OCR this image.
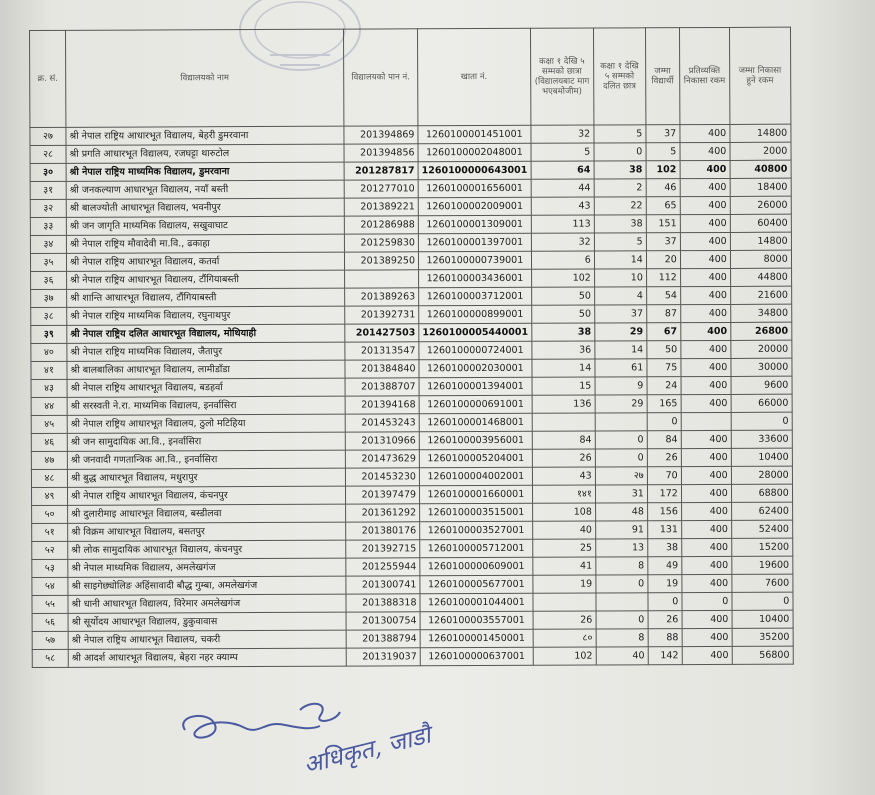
क्र. सं.	विद्यालयको नाम	विद्यालयको पान नं.	खाता नं.	कक्षा १ देखि ५ सम्मको छात्रा (विद्यालयबाट माग भएबमोजीम)	कक्षा १ देखि ५ सम्मको दलित छात्र	जम्मा विद्यार्थी	प्रतिव्यक्ति निकासा रकम	जम्मा निकासा हुने रकम
२७	श्री नेपाल राष्ट्रिय आधारभूत विद्यालय, बेहरी डुमरवाना	201394869	1260100001451001	32	5	37	400	14800
२८	श्री प्रगति आधारभूत विद्यालय, रजघट्टा थारुटोल	201394856	1260100002048001	5	0	5	400	2000
३०	श्री नेपाल राष्ट्रिय माध्यमिक विद्यालय, डुमरवाना	201287817	1260100000643001	64	38	102	400	40800
३१	श्री जनकल्याण आधारभूत विद्यालय, नयाँ बस्ती	201277010	1260100001656001	44	2	46	400	18400
३२	श्री बालज्योती आधारभूत विद्यालय, भवनीपुर	201389221	1260100002009001	43	22	65	400	26000
३३	श्री जन जागृति माध्यमिक विद्यालय, सखुवाघाट	201286988	1260100001309001	113	38	151	400	60400
३४	श्री नेपाल राष्ट्रिय मौवादेवी मा.वि., ढकाहा	201259830	1260100001397001	32	5	37	400	14800
३५	श्री नेपाल राष्ट्रिय आधारभूत विद्यालय, कतर्वा	201389250	1260100000739001	6	14	20	400	8000
३६	श्री नेपाल राष्ट्रिय आधारभूत विद्यालय, टौंगियाबस्ती		1260100003436001	102	10	112	400	44800
३७	श्री शान्ति आधारभूत विद्यालय, टौंगियाबस्ती	201389263	1260100003712001	50	4	54	400	21600
३८	श्री नेपाल राष्ट्रिय माध्यमिक विद्यालय, रघुनाथपुर	201392731	1260100000899001	50	37	87	400	34800
३९	श्री नेपाल राष्ट्रिय दलित आधारभूत विद्यालय, मोथियाही	201427503	1260100005440001	38	29	67	400	26800
४०	श्री नेपाल राष्ट्रिय माध्यमिक विद्यालय, जैतापुर	201313547	1260100000724001	36	14	50	400	20000
४१	श्री बालबालिका आधारभूत विद्यालय, लामीडाँडा	201384840	1260100002030001	14	61	75	400	30000
४३	श्री नेपाल राष्ट्रिय आधारभूत विद्यालय, बडहर्वा	201388707	1260100001394001	15	9	24	400	9600
४४	श्री सरस्वती ने.रा. माध्यमिक विद्यालय, इनर्वासिरा	201394168	1260100000691001	136	29	165	400	66000
४५	श्री नेपाल राष्ट्रिय आधारभूत विद्यालय, ठुलो मटिहिया	201453243	1260100001468001			0		0
४६	श्री जन सामुदायिक आ.वि., इनर्वासिरा	201310966	1260100003956001	84	0	84	400	33600
४७	श्री जनवादी गणतान्त्रिक आ.वि., इनर्वासिरा	201473629	1260100005204001	26	0	26	400	10400
४८	श्री बुद्ध आधारभूत विद्यालय, मधुरापुर	201453230	1260100004002001	43	२७	70	400	28000
४९	श्री नेपाल राष्ट्रिय आधारभूत विद्यालय, कंचनपुर	201397479	1260100001660001	१४१	31	172	400	68800
५०	श्री दुलारीमाइ आधारभूत विद्यालय, बस्डीलवा	201361292	1260100003515001	108	48	156	400	62400
५१	श्री विक्रम आधारभूत विद्यालय, बसतपुर	201380176	1260100003527001	40	91	131	400	52400
५२	श्री लोक सामुदायिक आधारभूत विद्यालय, कंचनपुर	201392715	1260100005712001	25	13	38	400	15200
५३	श्री नेपाल माध्यमिक विद्यालय, अमलेखगंज	201255944	1260100000609001	41	8	49	400	19600
५४	श्री साइगेछ्योलिङ अहिंसावादी बौद्ध गुम्बा, अमलेखगंज	201300741	1260100005677001	19	0	19	400	7600
५५	श्री धानी आधारभूत विद्यालय, विरेमार अमलेखगंज	201388318	1260100001044001			0	0	0
५६	श्री सूर्योदय आधारभूत विद्यालय, डुकुवावास	201300754	1260100003557001	26	0	26	400	10400
५७	श्री नेपाल राष्ट्रिय आधारभूत विद्यालय, चकरी	201388794	1260100001450001	८०	8	88	400	35200
५८	श्री आदर्श आधारभूत विद्यालय, बेहरा नहर क्याम्प	201319037	1260100000637001	102	40	142	400	56800
अधिकृत, जाडौ
